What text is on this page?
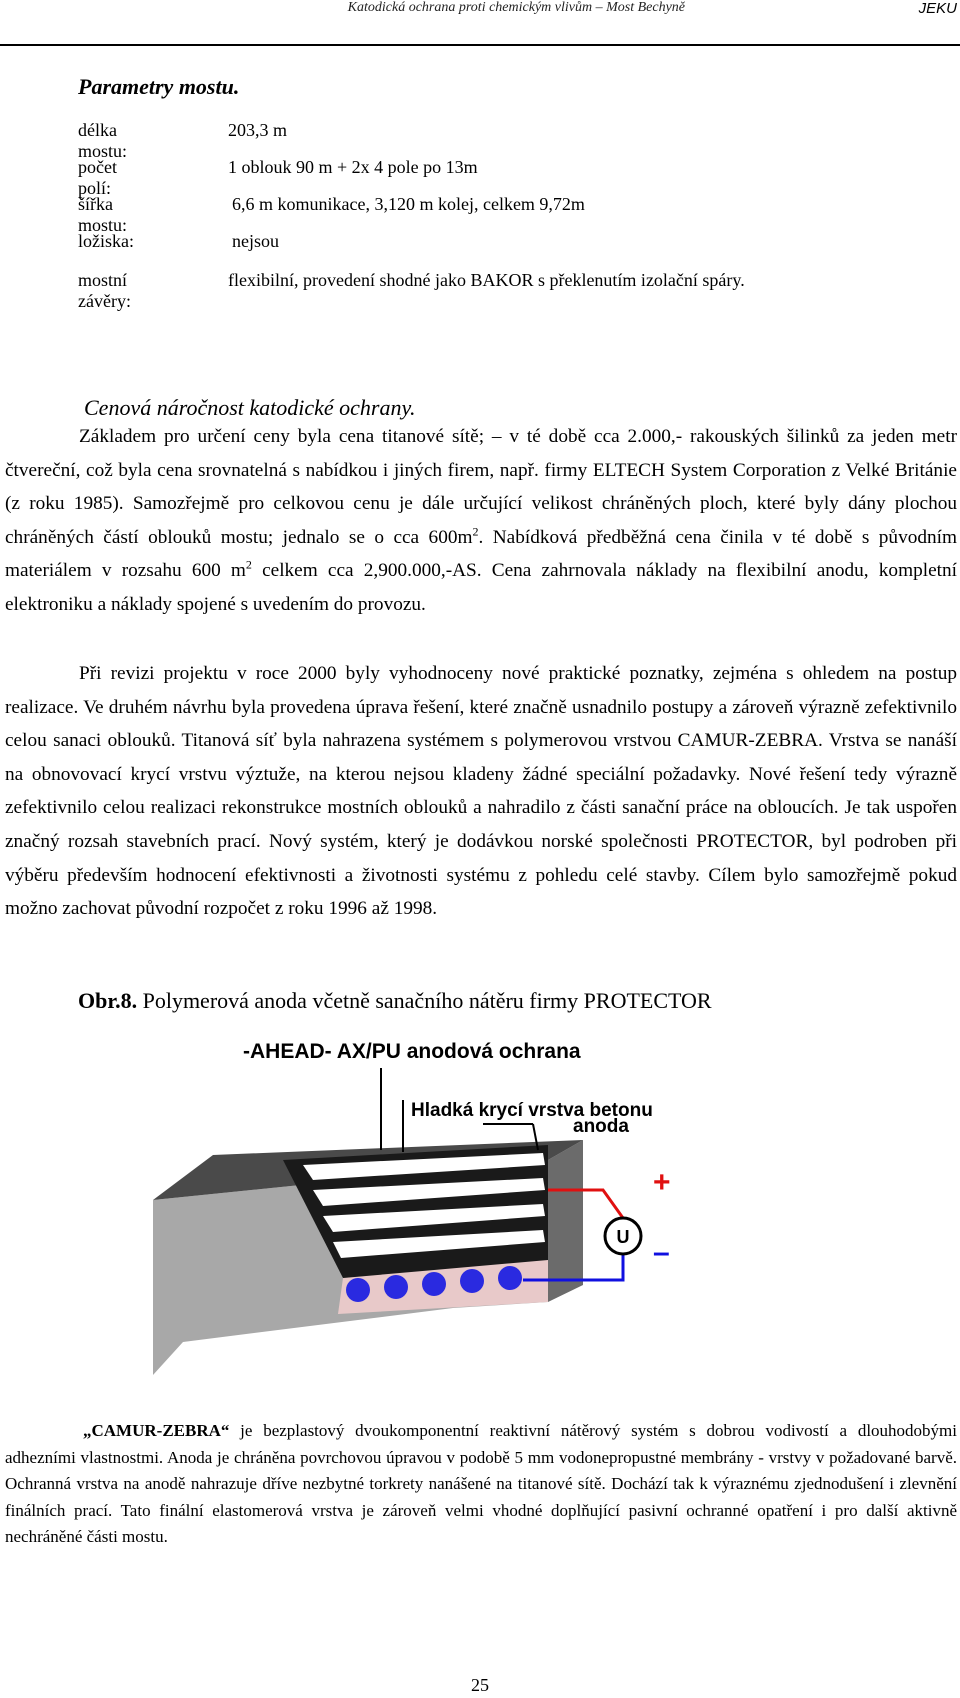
Katodická ochrana proti chemickým vlivům – Most Bechyně	JEKU
Parametry mostu.
délka mostu:
203,3 m
počet polí:
1 oblouk 90 m + 2x 4 pole po 13m
šířka mostu:
6,6 m komunikace, 3,120 m kolej, celkem 9,72m
ložiska:	nejsou
mostní závěry:
flexibilní, provedení shodné jako BAKOR s překlenutím izolační spáry.
Cenová náročnost katodické ochrany.

Základem pro určení ceny byla cena titanové sítě; – v té době cca 2.000,- rakouských šilinků za jeden metr čtvereční, což byla cena srovnatelná s nabídkou i jiných firem, např. firmy ELTECH System Corporation z Velké Británie (z roku 1985). Samozřejmě pro celkovou cenu je dále určující velikost chráněných ploch, které byly dány plochou chráněných částí oblouků mostu; jednalo se o cca $600m^2$. Nabídková předběžná cena činila v té době s původním materiálem v rozsahu 600 $m^2$ celkem cca 2,900.000,-AS. Cena zahrnovala náklady na flexibilní anodu, kompletní elektroniku a náklady spojené s uvedením do provozu.

Při revizi projektu v roce 2000 byly vyhodnoceny nové praktické poznatky, zejména s ohledem na postup realizace. Ve druhém návrhu byla provedena úprava řešení, které značně usnadnilo postupy a zároveň výrazně zefektivnilo celou sanaci oblouků. Titanová síť byla nahrazena systémem s polymerovou vrstvou CAMUR-ZEBRA. Vrstva se nanáší na obnovovací krycí vrstvu výztuže, na kterou nejsou kladeny žádné speciální požadavky. Nové řešení tedy výrazně zefektivnilo celou realizaci rekonstrukce mostních oblouků a nahradilo z části sanační práce na obloucích. Je tak uspořen značný rozsah stavebních prací. Nový systém, který je dodávkou norské společnosti PROTECTOR, byl podroben při výběru především hodnocení efektivnosti a životnosti systému z pohledu celé stavby. Cílem bylo samozřejmě pokud možno zachovat původní rozpočet z roku 1996 až 1998.

Obr.8. Polymerová anoda včetně sanačního nátěru firmy PROTECTOR
U
+
–
-AHEAD- AX/PU anodová ochrana
Hladká krycí vrstva betonu
anoda
chránená výztuž
betonová deska

„CAMUR-ZEBRA“ je bezplastový dvoukomponentní reaktivní nátěrový systém s dobrou vodivostí a dlouhodobými adhezními vlastnostmi. Anoda je chráněna povrchovou úpravou v podobě 5 mm vodonepropustné membrány - vrstvy v požadované barvě. Ochranná vrstva na anodě nahrazuje dříve nezbytné torkrety nanášené na titanové sítě. Dochází tak k výraznému zjednodušení i zlevnění finálních prací. Tato finální elastomerová vrstva je zároveň velmi vhodné doplňující pasivní ochranné opatření i pro další aktivně nechráněné části mostu.

25
